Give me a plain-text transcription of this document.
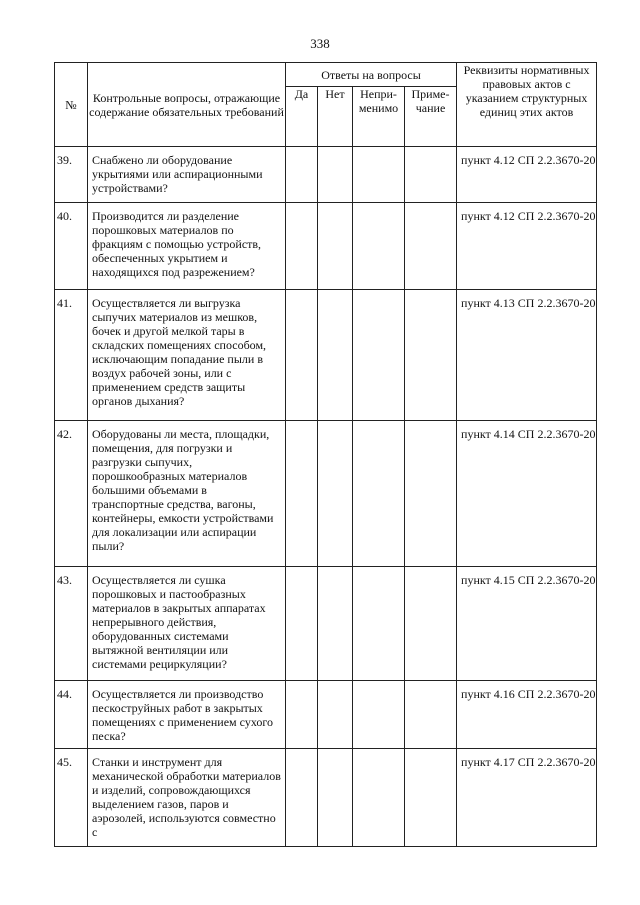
338
№	Контрольные вопросы, отражающие содержание обязательных требований	Ответы на вопросы				Реквизиты нормативных правовых актов с указанием структурных единиц этих актов
		Да	Нет	Непри-менимо	Приме-чание	
39.	Снабжено ли оборудование укрытиями или аспирационными устройствами?					пункт 4.12 СП 2.2.3670-20
40.	Производится ли разделение порошковых материалов по фракциям с помощью устройств, обеспеченных укрытием и находящихся под разрежением?					пункт 4.12 СП 2.2.3670-20
41.	Осуществляется ли выгрузка сыпучих материалов из мешков, бочек и другой мелкой тары в складских помещениях способом, исключающим попадание пыли в воздух рабочей зоны, или с применением средств защиты органов дыхания?					пункт 4.13 СП 2.2.3670-20
42.	Оборудованы ли места, площадки, помещения, для погрузки и разгрузки сыпучих, порошкообразных материалов большими объемами в транспортные средства, вагоны, контейнеры, емкости устройствами для локализации или аспирации пыли?					пункт 4.14 СП 2.2.3670-20
43.	Осуществляется ли сушка порошковых и пастообразных материалов в закрытых аппаратах непрерывного действия, оборудованных системами вытяжной вентиляции или системами рециркуляции?					пункт 4.15 СП 2.2.3670-20
44.	Осуществляется ли производство пескоструйных работ в закрытых помещениях с применением сухого песка?					пункт 4.16 СП 2.2.3670-20
45.	Станки и инструмент для механической обработки материалов и изделий, сопровождающихся выделением газов, паров и аэрозолей, используются совместно с					пункт 4.17 СП 2.2.3670-20
